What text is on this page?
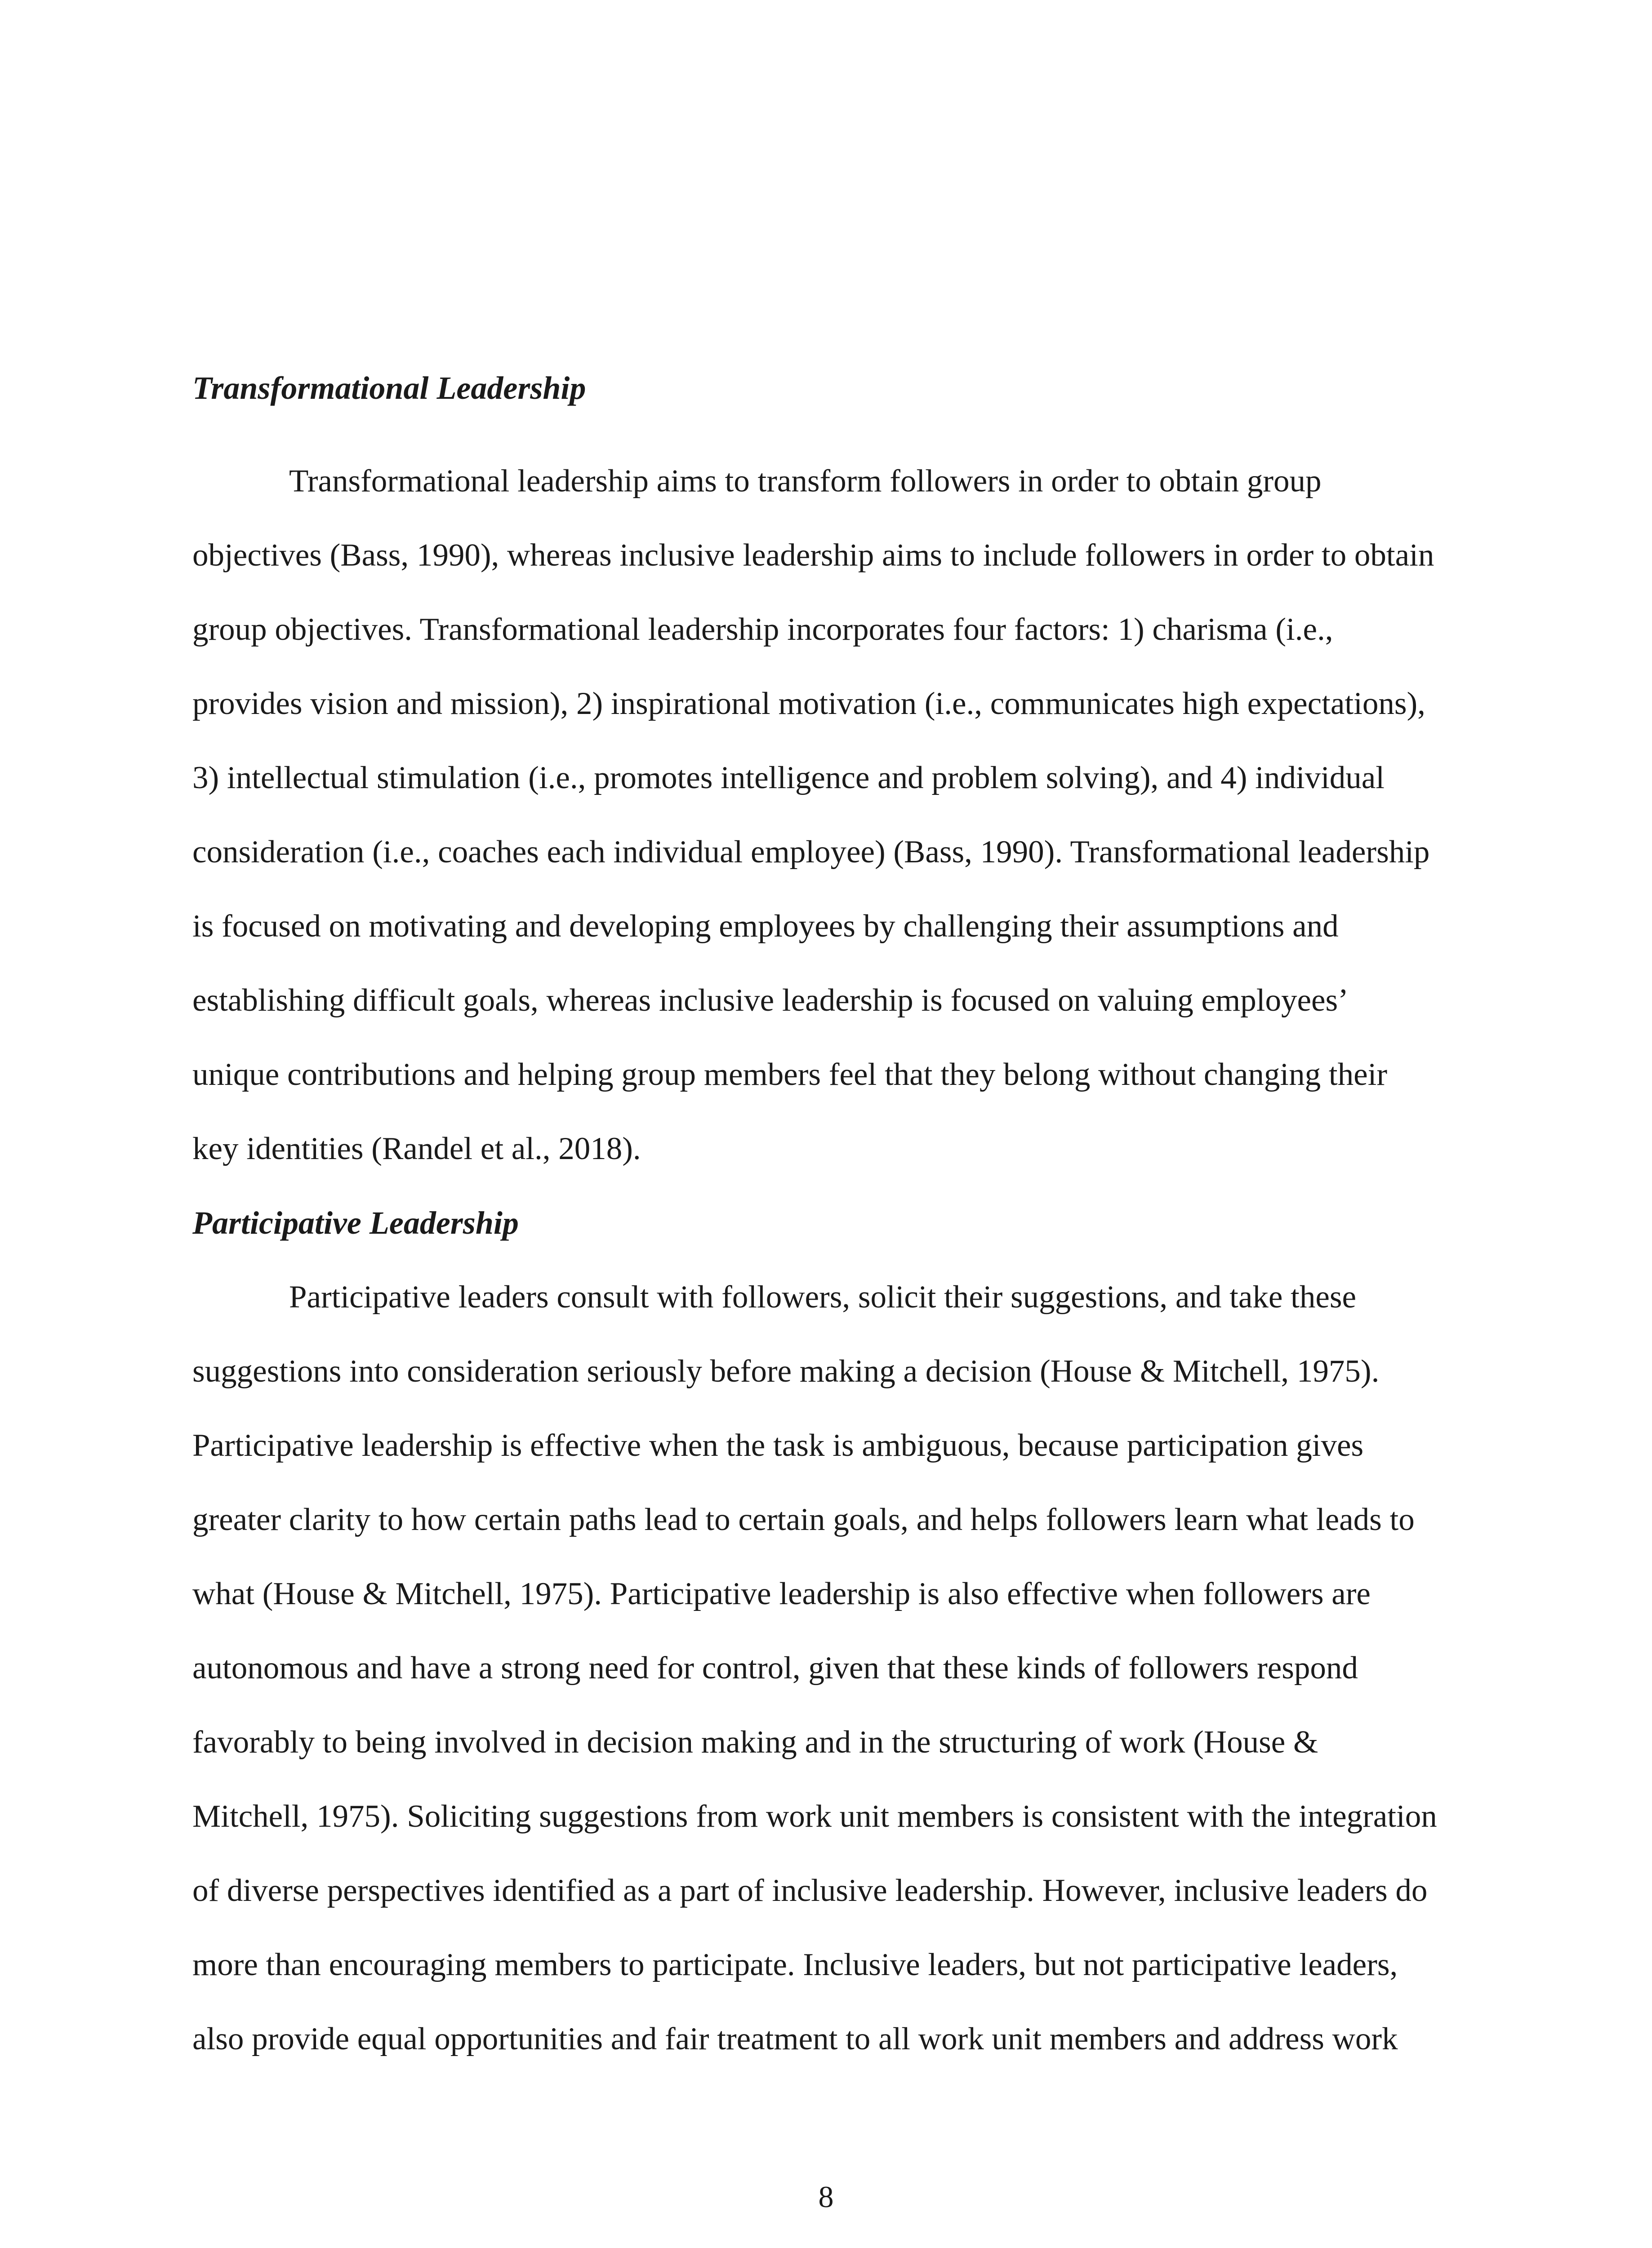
Transformational Leadership
Transformational leadership aims to transform followers in order to obtain group
objectives (Bass, 1990), whereas inclusive leadership aims to include followers in order to obtain
group objectives. Transformational leadership incorporates four factors: 1) charisma (i.e.,
provides vision and mission), 2) inspirational motivation (i.e., communicates high expectations),
3) intellectual stimulation (i.e., promotes intelligence and problem solving), and 4) individual
consideration (i.e., coaches each individual employee) (Bass, 1990). Transformational leadership
is focused on motivating and developing employees by challenging their assumptions and
establishing difficult goals, whereas inclusive leadership is focused on valuing employees’
unique contributions and helping group members feel that they belong without changing their
key identities (Randel et al., 2018).
Participative Leadership
Participative leaders consult with followers, solicit their suggestions, and take these
suggestions into consideration seriously before making a decision (House & Mitchell, 1975).
Participative leadership is effective when the task is ambiguous, because participation gives
greater clarity to how certain paths lead to certain goals, and helps followers learn what leads to
what (House & Mitchell, 1975). Participative leadership is also effective when followers are
autonomous and have a strong need for control, given that these kinds of followers respond
favorably to being involved in decision making and in the structuring of work (House &
Mitchell, 1975). Soliciting suggestions from work unit members is consistent with the integration
of diverse perspectives identified as a part of inclusive leadership. However, inclusive leaders do
more than encouraging members to participate. Inclusive leaders, but not participative leaders,
also provide equal opportunities and fair treatment to all work unit members and address work
8
